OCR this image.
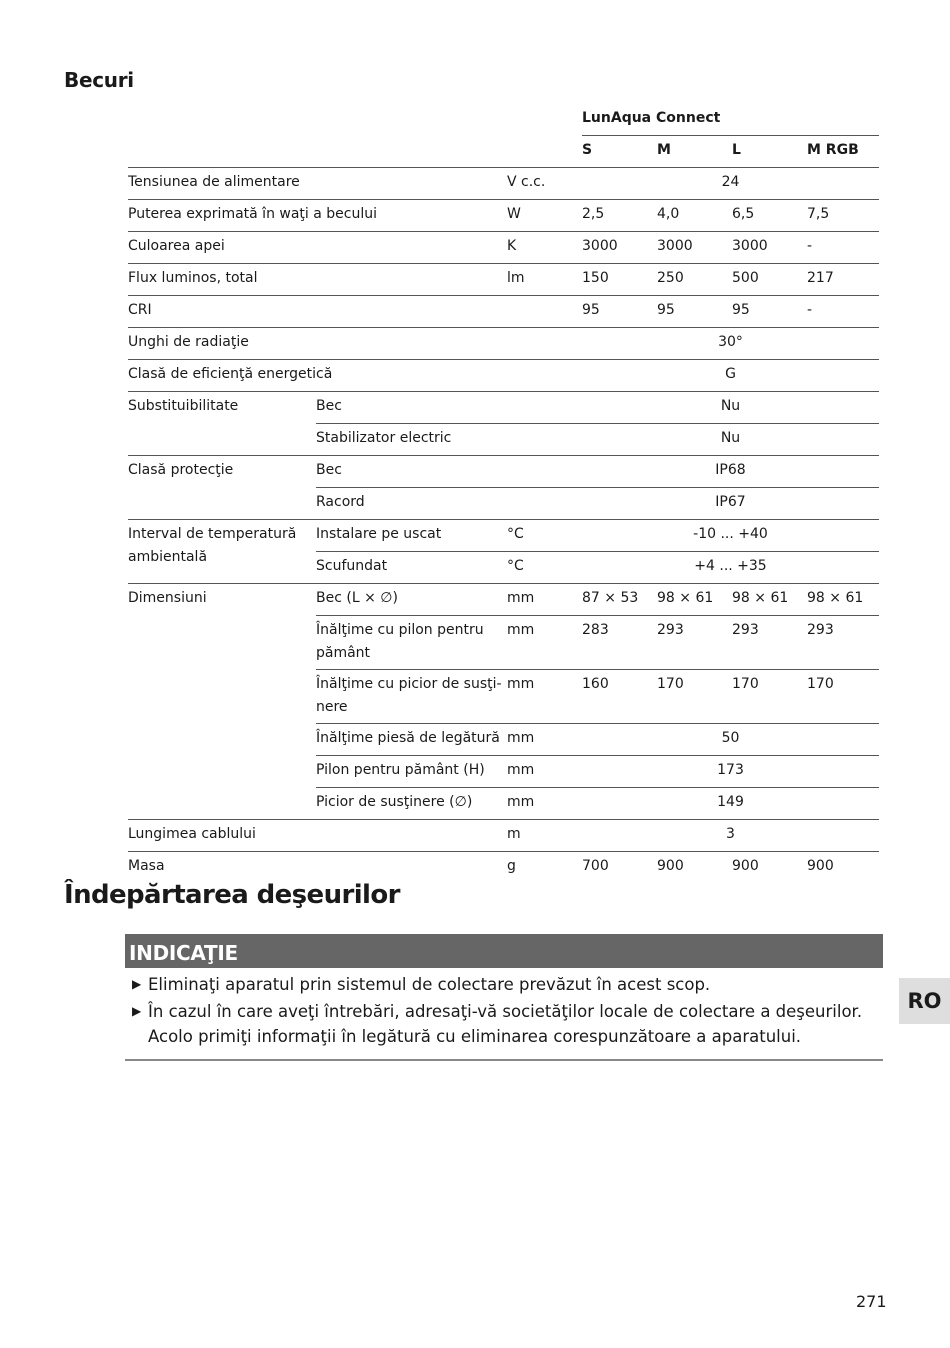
Becuri
			LunAqua Connect			
			S	M	L	M RGB
Tensiunea de alimentare		V c.c.	24			
Puterea exprimată în waţi a becului		W	2,5	4,0	6,5	7,5
Culoarea apei		K	3000	3000	3000	-
Flux luminos, total		lm	150	250	500	217
CRI			95	95	95	-
Unghi de radiaţie			30°			
Clasă de eficienţă energetică			G			
Substituibilitate	Bec		Nu			
	Stabilizator electric		Nu			
Clasă protecţie	Bec		IP68			
	Racord		IP67			
Interval de temperatură ambientală	Instalare pe uscat	°C	-10 ... +40			
	Scufundat	°C	+4 ... +35			
Dimensiuni	Bec (L × ∅)	mm	87 × 53	98 × 61	98 × 61	98 × 61
	Înălţime cu pilon pentru pământ	mm	283	293	293	293
	Înălţime cu picior de susţi-nere	mm	160	170	170	170
	Înălţime piesă de legătură	mm	50			
	Pilon pentru pământ (H)	mm	173			
	Picior de susţinere (∅)	mm	149			
Lungimea cablului		m	3			
Masa		g	700	900	900	900
Îndepărtarea deşeurilor
INDICAŢIE
▶ Eliminaţi aparatul prin sistemul de colectare prevăzut în acest scop.
▶ În cazul în care aveţi întrebări, adresaţi-vă societăţilor locale de colectare a deşeurilor. Acolo primiţi informaţii în legătură cu eliminarea corespunzătoare a aparatului.
RO
271
